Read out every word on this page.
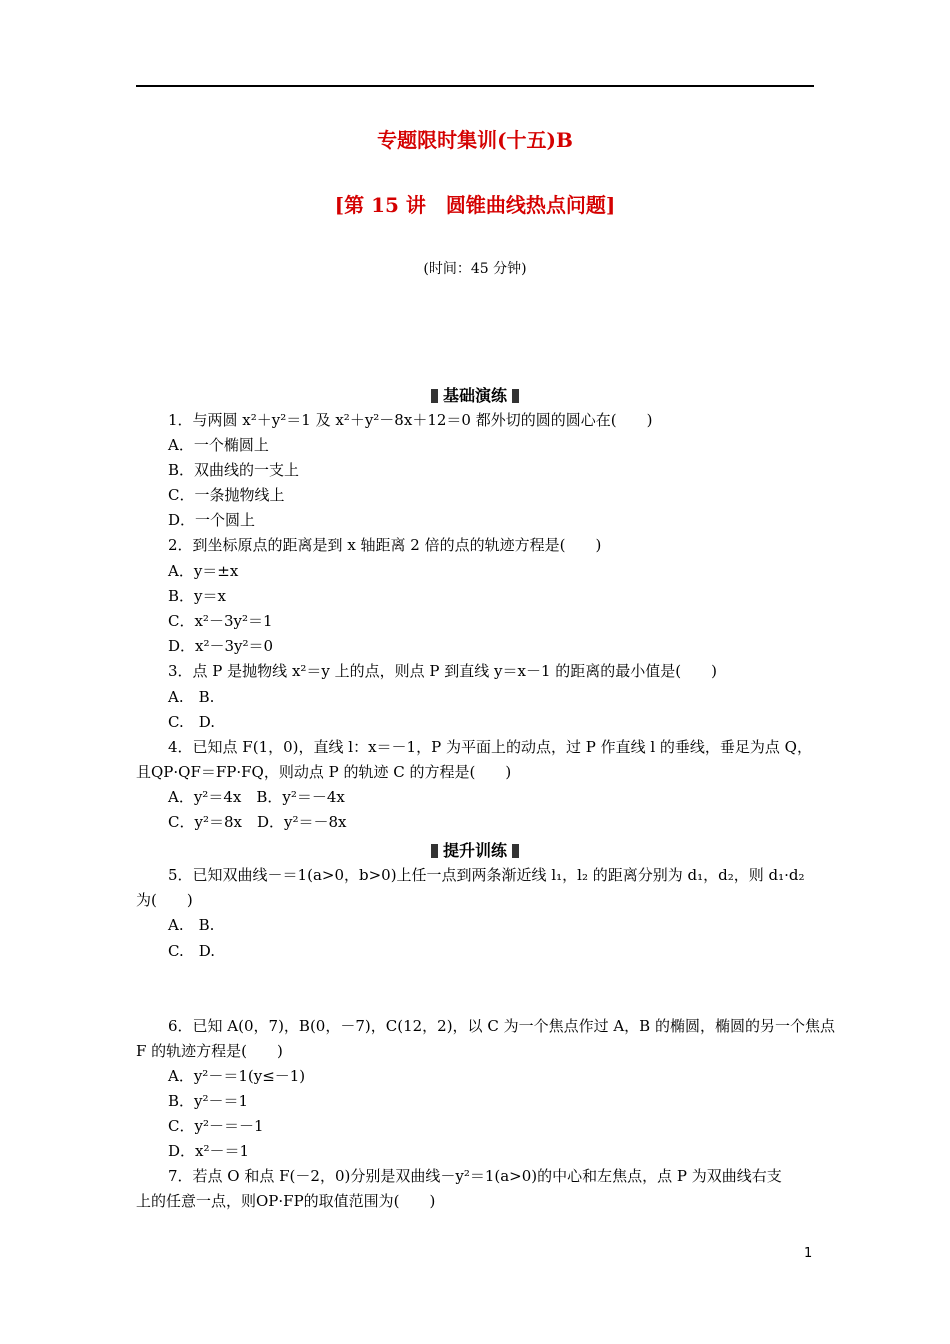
专题限时集训(十五)B
[第 15 讲　圆锥曲线热点问题]
(时间：45 分钟)
基础演练
1．与两圆 x²＋y²＝1 及 x²＋y²－8x＋12＝0 都外切的圆的圆心在(　　)
A．一个椭圆上
B．双曲线的一支上
C．一条抛物线上
D．一个圆上
2．到坐标原点的距离是到 x 轴距离 2 倍的点的轨迹方程是(　　)
A．y＝±x
B．y＝x
C．x²－3y²＝1
D．x²－3y²＝0
3．点 P 是抛物线 x²＝y 上的点，则点 P 到直线 y＝x－1 的距离的最小值是(　　)
A.　B.
C.　D.
4．已知点 F(1，0)，直线 l：x＝－1，P 为平面上的动点，过 P 作直线 l 的垂线，垂足为点 Q，
且QP·QF＝FP·FQ，则动点 P 的轨迹 C 的方程是(　　)
A．y²＝4x　B．y²＝－4x
C．y²＝8x　D．y²＝－8x
提升训练
5．已知双曲线－＝1(a>0，b>0)上任一点到两条渐近线 l₁，l₂ 的距离分别为 d₁，d₂，则 d₁·d₂
为(　　)
A.　B.
C.　D.
6．已知 A(0，7)，B(0，－7)，C(12，2)，以 C 为一个焦点作过 A，B 的椭圆，椭圆的另一个焦点
F 的轨迹方程是(　　)
A．y²－＝1(y≤－1)
B．y²－＝1
C．y²－＝－1
D．x²－＝1
7．若点 O 和点 F(－2，0)分别是双曲线－y²＝1(a>0)的中心和左焦点，点 P 为双曲线右支
上的任意一点，则OP·FP的取值范围为(　　)
1
